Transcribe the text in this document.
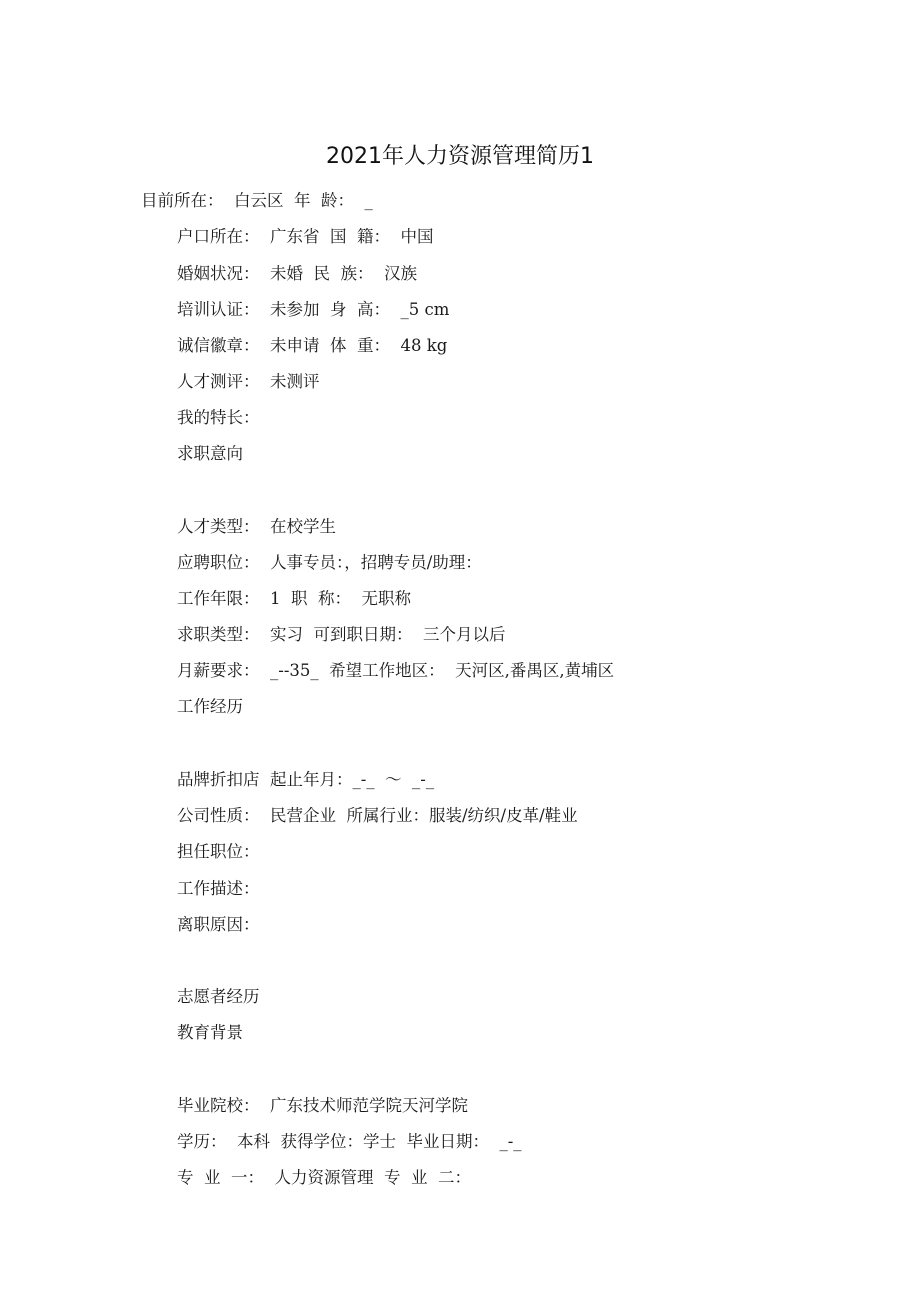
2021年人力资源管理简历1
目前所在：  白云区  年  龄：  _
户口所在：  广东省  国  籍：  中国
婚姻状况：  未婚  民  族：  汉族
培训认证：  未参加  身  高：  _5 cm
诚信徽章：  未申请  体  重：  48 kg
人才测评：  未测评
我的特长：
求职意向
人才类型：  在校学生
应聘职位：  人事专员：，招聘专员/助理：
工作年限：  1  职  称：  无职称
求职类型：  实习  可到职日期：  三个月以后
月薪要求：  _--35_  希望工作地区：  天河区,番禺区,黄埔区
工作经历
品牌折扣店  起止年月：_-_  ～  _-_
公司性质：  民营企业  所属行业：服装/纺织/皮革/鞋业
担任职位：
工作描述：
离职原因：
志愿者经历
教育背景
毕业院校：  广东技术师范学院天河学院
学历：  本科  获得学位：学士  毕业日期：  _-_
专  业  一：  人力资源管理  专  业  二：
